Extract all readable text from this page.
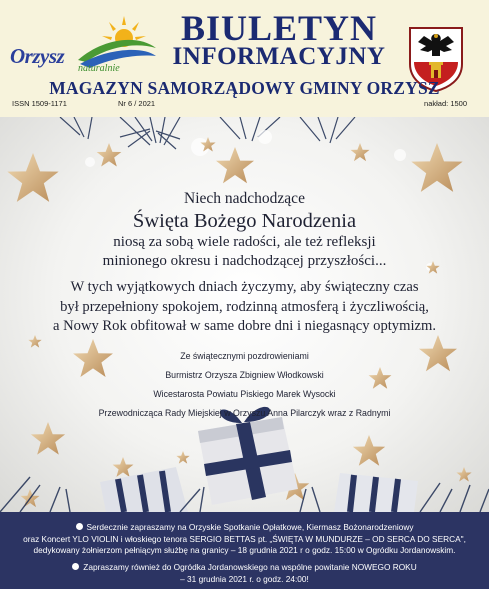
Orzysz
naturalnie
BIULETYN
INFORMACYJNY
MAGAZYN SAMORZĄDOWY GMINY ORZYSZ
ISSN 1509-1171	Nr 6 / 2021	nakład: 1500
Niech nadchodzące
Święta Bożego Narodzenia
niosą za sobą wiele radości, ale też refleksji
minionego okresu i nadchodzącej przyszłości...
W tych wyjątkowych dniach życzymy, aby świąteczny czas
był przepełniony spokojem, rodzinną atmosferą i życzliwością,
a Nowy Rok obfitował w same dobre dni i niegasnący optymizm.
Ze świątecznymi pozdrowieniami
Burmistrz Orzysza Zbigniew Włodkowski
Wicestarosta Powiatu Piskiego Marek Wysocki
Przewodnicząca Rady Miejskiej w Orzyszu Anna Pilarczyk wraz z Radnymi
Serdecznie zapraszamy na Orzyskie Spotkanie Opłatkowe, Kiermasz Bożonarodzeniowy
oraz Koncert YLO VIOLIN i włoskiego tenora SERGIO BETTAS pt. „ŚWIĘTA W MUNDURZE – OD SERCA DO SERCA",
dedykowany żołnierzom pełniącym służbę na granicy – 18 grudnia 2021 r o godz. 15:00 w Ogródku Jordanowskim.
Zapraszamy również do Ogródka Jordanowskiego na wspólne powitanie NOWEGO ROKU
– 31 grudnia 2021 r. o godz. 24:00!
